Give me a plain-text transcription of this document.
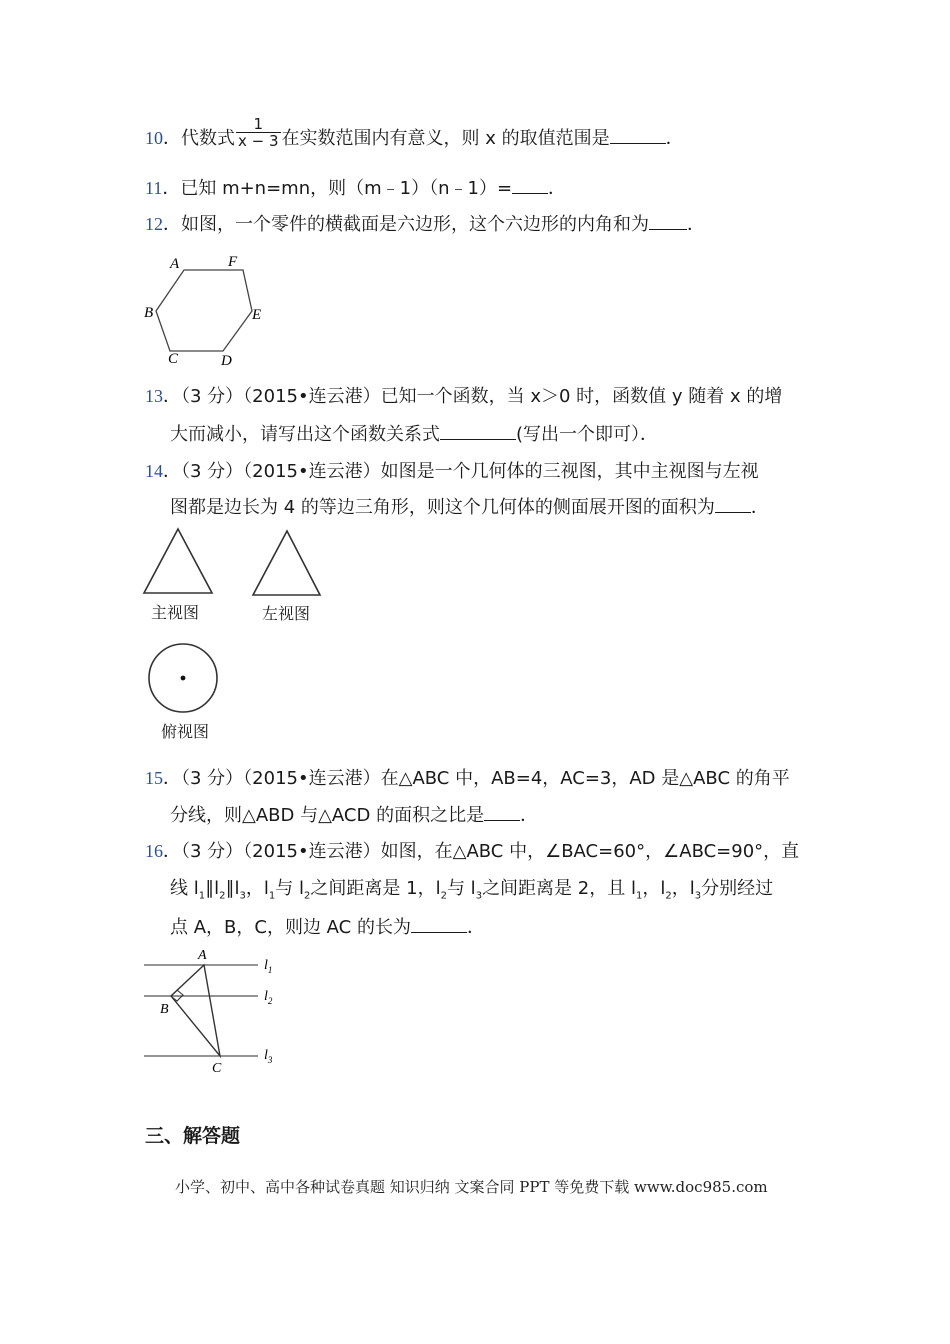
10．代数式 $\frac{1}{x - 3}$ 在实数范围内有意义，则 x 的取值范围是	．
11．已知 m+n=mn，则（m﹣1）（n﹣1）= ．
12．如图，一个零件的横截面是六边形，这个六边形的内角和为 ．
A	F
B	E
C	D
13．（3 分）（2015•连云港）已知一个函数，当 x＞0 时，函数值 y 随着 x 的增
大而减小，请写出这个函数关系式	(写出一个即可）．
14．（3 分）（2015•连云港）如图是一个几何体的三视图，其中主视图与左视
图都是边长为 4 的等边三角形，则这个几何体的侧面展开图的面积为 ．
主视图	左视图
俯视图
15．（3 分）（2015•连云港）在△ABC 中，AB=4，AC=3，AD 是△ABC 的角平
分线，则△ABD 与△ACD 的面积之比是 ．
16．（3 分）（2015•连云港）如图，在△ABC 中，∠BAC=60°，∠ABC=90°，直
线 $l_1\parallel l_2\parallel l_3$，$l_1$与 $l_2$之间距离是 1，$l_2$与 $l_3$之间距离是 2，且 $l_1$，$l_2$，$l_3$分别经过
点 A，B，C，则边 AC 的长为	．
A
B
C
$l_1$
$l_2$
$l_3$
三、解答题
小学、初中、高中各种试卷真题 知识归纳 文案合同 PPT 等免费下载 www.doc985.com
